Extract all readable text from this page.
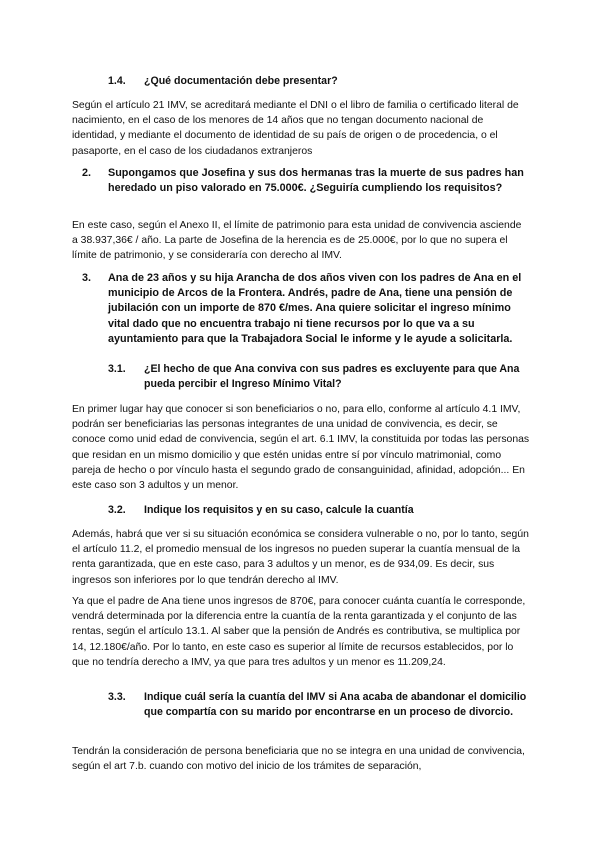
1.4. ¿Qué documentación debe presentar?
Según el artículo 21 IMV, se acreditará mediante el DNI o el libro de familia o certificado literal de nacimiento, en el caso de los menores de 14 años que no tengan documento nacional de identidad, y mediante el documento de identidad de su país de origen o de procedencia, o el pasaporte, en el caso de los ciudadanos extranjeros
2. Supongamos que Josefina y sus dos hermanas tras la muerte de sus padres han heredado un piso valorado en 75.000€. ¿Seguiría cumpliendo los requisitos?
En este caso, según el Anexo II, el límite de patrimonio para esta unidad de convivencia asciende a 38.937,36€ / año. La parte de Josefina de la herencia es de 25.000€, por lo que no supera el límite de patrimonio, y se consideraría con derecho al IMV.
3. Ana de 23 años y su hija Arancha de dos años viven con los padres de Ana en el municipio de Arcos de la Frontera. Andrés, padre de Ana, tiene una pensión de jubilación con un importe de 870 €/mes. Ana quiere solicitar el ingreso mínimo vital dado que no encuentra trabajo ni tiene recursos por lo que va a su ayuntamiento para que la Trabajadora Social le informe y le ayude a solicitarla.
3.1. ¿El hecho de que Ana conviva con sus padres es excluyente para que Ana pueda percibir el Ingreso Mínimo Vital?
En primer lugar hay que conocer si son beneficiarios o no, para ello, conforme al artículo 4.1 IMV, podrán ser beneficiarias las personas integrantes de una unidad de convivencia, es decir, se conoce como unid edad de convivencia, según el art. 6.1 IMV, la constituida por todas las personas que residan en un mismo domicilio y que estén unidas entre sí por vínculo matrimonial, como pareja de hecho o por vínculo hasta el segundo grado de consanguinidad, afinidad, adopción... En este caso son 3 adultos y un menor.
3.2. Indique los requisitos y en su caso, calcule la cuantía
Además, habrá que ver si su situación económica se considera vulnerable o no, por lo tanto, según el artículo 11.2, el promedio mensual de los ingresos no pueden superar la cuantía mensual de la renta garantizada, que en este caso, para 3 adultos y un menor, es de 934,09. Es decir, sus ingresos son inferiores por lo que tendrán derecho al IMV.
Ya que el padre de Ana tiene unos ingresos de 870€, para conocer cuánta cuantía le corresponde, vendrá determinada por la diferencia entre la cuantía de la renta garantizada y el conjunto de las rentas, según el artículo 13.1. Al saber que la pensión de Andrés es contributiva, se multiplica por 14, 12.180€/año. Por lo tanto, en este caso es superior al límite de recursos establecidos, por lo que no tendría derecho a IMV, ya que para tres adultos y un menor es 11.209,24.
3.3. Indique cuál sería la cuantía del IMV si Ana acaba de abandonar el domicilio que compartía con su marido por encontrarse en un proceso de divorcio.
Tendrán la consideración de persona beneficiaria que no se integra en una unidad de convivencia, según el art 7.b. cuando con motivo del inicio de los trámites de separación,
